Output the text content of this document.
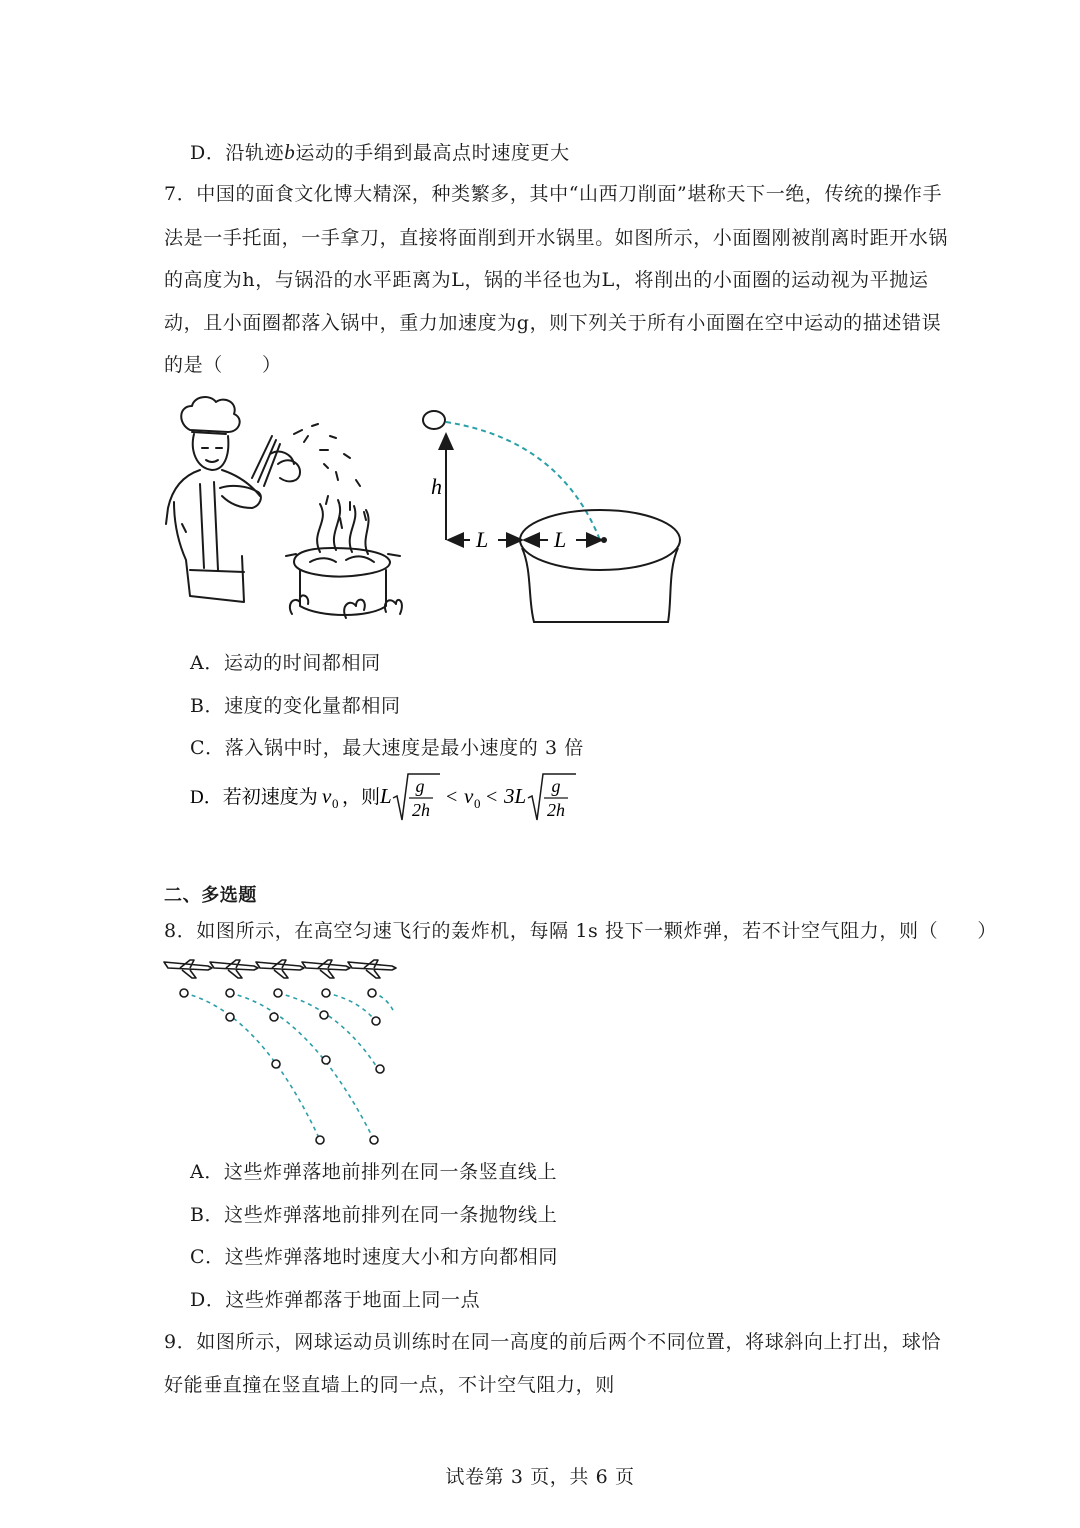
D．沿轨迹b运动的手绢到最高点时速度更大
7．中国的面食文化博大精深，种类繁多，其中“山西刀削面”堪称天下一绝，传统的操作手
法是一手托面，一手拿刀，直接将面削到开水锅里。如图所示，小面圈刚被削离时距开水锅
的高度为h，与锅沿的水平距离为L，锅的半径也为L，将削出的小面圈的运动视为平抛运
动，且小面圈都落入锅中，重力加速度为g，则下列关于所有小面圈在空中运动的描述错误
的是（　　）
h
L	L
A．运动的时间都相同
B．速度的变化量都相同
C．落入锅中时，最大速度是最小速度的 3 倍
D．若初速度为 v 0 ，则 L g
2h
< v 0 < 3L g
2h
二、多选题
8．如图所示，在高空匀速飞行的轰炸机，每隔 1s 投下一颗炸弹，若不计空气阻力，则（　　）
A．这些炸弹落地前排列在同一条竖直线上
B．这些炸弹落地前排列在同一条抛物线上
C．这些炸弹落地时速度大小和方向都相同
D．这些炸弹都落于地面上同一点
9．如图所示，网球运动员训练时在同一高度的前后两个不同位置，将球斜向上打出，球恰
好能垂直撞在竖直墙上的同一点，不计空气阻力，则
试卷第 3 页，共 6 页
